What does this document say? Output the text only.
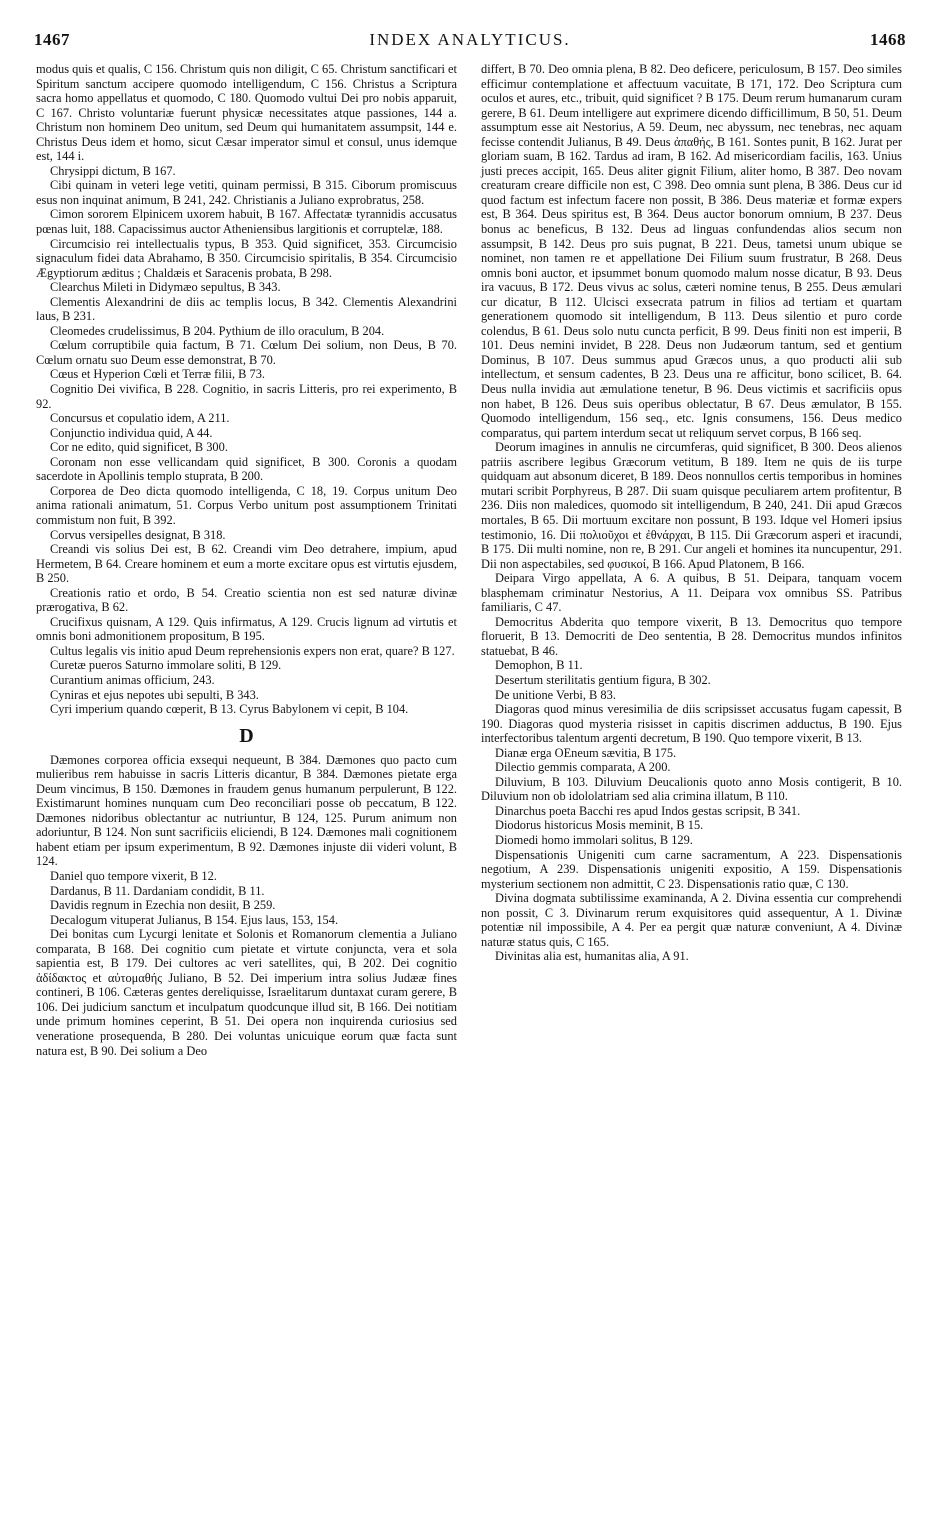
1467	INDEX ANALYTICUS.	1468

modus quis et qualis, C 156. Christum quis non diligit, C 65. Christum sanctificari et Spiritum sanctum accipere quomodo intelligendum, C 156. Christus a Scriptura sacra homo appellatus et quomodo, C 180. Quomodo vultui Dei pro nobis apparuit, C 167. Christo voluntariæ fuerunt physicæ necessitates atque passiones, 144 a. Christum non hominem Deo unitum, sed Deum qui humanitatem assumpsit, 144 e. Christus Deus idem et homo, sicut Cæsar imperator simul et consul, unus idemque est, 144 i.

Chrysippi dictum, B 167.

Cibi quinam in veteri lege vetiti, quinam permissi, B 315. Ciborum promiscuus esus non inquinat animum, B 241, 242. Christianis a Juliano exprobratus, 258.

Cimon sororem Elpinicem uxorem habuit, B 167. Affectatæ tyrannidis accusatus pœnas luit, 188. Capacissimus auctor Atheniensibus largitionis et corruptelæ, 188.

Circumcisio rei intellectualis typus, B 353. Quid significet, 353. Circumcisio signaculum fidei data Abrahamo, B 350. Circumcisio spiritalis, B 354. Circumcisio Ægyptiorum æditus ; Chaldæis et Saracenis probata, B 298.

Clearchus Mileti in Didymæo sepultus, B 343.

Clementis Alexandrini de diis ac templis locus, B 342. Clementis Alexandrini laus, B 231.

Cleomedes crudelissimus, B 204. Pythium de illo oraculum, B 204.

Cœlum corruptibile quia factum, B 71. Cœlum Dei solium, non Deus, B 70. Cœlum ornatu suo Deum esse demonstrat, B 70.

Cœus et Hyperion Cœli et Terræ filii, B 73.

Cognitio Dei vivifica, B 228. Cognitio, in sacris Litteris, pro rei experimento, B 92.

Concursus et copulatio idem, A 211.

Conjunctio individua quid, A 44.

Cor ne edito, quid significet, B 300.

Coronam non esse vellicandam quid significet, B 300. Coronis a quodam sacerdote in Apollinis templo stuprata, B 200.

Corporea de Deo dicta quomodo intelligenda, C 18, 19. Corpus unitum Deo anima rationali animatum, 51. Corpus Verbo unitum post assumptionem Trinitati commistum non fuit, B 392.

Corvus versipelles designat, B 318.

Creandi vis solius Dei est, B 62. Creandi vim Deo detrahere, impium, apud Hermetem, B 64. Creare hominem et eum a morte excitare opus est virtutis ejusdem, B 250.

Creationis ratio et ordo, B 54. Creatio scientia non est sed naturæ divinæ prærogativa, B 62.

Crucifixus quisnam, A 129. Quis infirmatus, A 129. Crucis lignum ad virtutis et omnis boni admonitionem propositum, B 195.

Cultus legalis vis initio apud Deum reprehensionis expers non erat, quare? B 127.

Curetæ pueros Saturno immolare soliti, B 129.

Curantium animas officium, 243.

Cyniras et ejus nepotes ubi sepulti, B 343.

Cyri imperium quando cœperit, B 13. Cyrus Babylonem vi cepit, B 104.

D

Dæmones corporea officia exsequi nequeunt, B 384. Dæmones quo pacto cum mulieribus rem habuisse in sacris Litteris dicantur, B 384. Dæmones pietate erga Deum vincimus, B 150. Dæmones in fraudem genus humanum perpulerunt, B 122. Existimarunt homines nunquam cum Deo reconciliari posse ob peccatum, B 122. Dæmones nidoribus oblectantur ac nutriuntur, B 124, 125. Purum animum non adoriuntur, B 124. Non sunt sacrificiis eliciendi, B 124. Dæmones mali cognitionem habent etiam per ipsum experimentum, B 92. Dæmones injuste dii videri volunt, B 124.

Daniel quo tempore vixerit, B 12.

Dardanus, B 11. Dardaniam condidit, B 11.

Davidis regnum in Ezechia non desiit, B 259.

Decalogum vituperat Julianus, B 154. Ejus laus, 153, 154.

Dei bonitas cum Lycurgi lenitate et Solonis et Romanorum clementia a Juliano comparata, B 168. Dei cognitio cum pietate et virtute conjuncta, vera et sola sapientia est, B 179. Dei cultores ac veri satellites, qui, B 202. Dei cognitio ἀδίδακτος et αὐτομαθής Juliano, B 52. Dei imperium intra solius Judææ fines contineri, B 106. Cæteras gentes dereliquisse, Israelitarum duntaxat curam gerere, B 106. Dei judicium sanctum et inculpatum quodcunque illud sit, B 166. Dei notitiam unde primum homines ceperint, B 51. Dei opera non inquirenda curiosius sed venerationе prosequenda, B 280. Dei voluntas unicuique eorum quæ facta sunt natura est, B 90. Dei solium a Deo

differt, B 70. Deo omnia plena, B 82. Deo deficere, periculosum, B 157. Deo similes efficimur contemplatione et affectuum vacuitate, B 171, 172. Deo Scriptura cum oculos et aures, etc., tribuit, quid significet ? B 175. Deum rerum humanarum curam gerere, B 61. Deum intelligere aut exprimere dicendo difficillimum, B 50, 51. Deum assumptum esse ait Nestorius, A 59. Deum, nec abyssum, nec tenebras, nec aquam fecisse contendit Julianus, B 49. Deus ἀπαθής, B 161. Sontes punit, B 162. Jurat per gloriam suam, B 162. Tardus ad iram, B 162. Ad misericordiam facilis, 163. Unius justi preces accipit, 165. Deus aliter gignit Filium, aliter homo, B 387. Deo novam creaturam creare difficile non est, C 398. Deo omnia sunt plena, B 386. Deus cur id quod factum est infectum facere non possit, B 386. Deus materiæ et formæ expers est, B 364. Deus spiritus est, B 364. Deus auctor bonorum omnium, B 237. Deus bonus ac beneficus, B 132. Deus ad linguas confundendas alios secum non assumpsit, B 142. Deus pro suis pugnat, B 221. Deus, tametsi unum ubique se nominet, non tamen re et appellatione Dei Filium suum frustratur, B 268. Deus omnis boni auctor, et ipsummet bonum quomodo malum nosse dicatur, B 93. Deus ira vacuus, B 172. Deus vivus ac solus, cæteri nomine tenus, B 255. Deus æmulari cur dicatur, B 112. Ulcisci exsecrata patrum in filios ad tertiam et quartam generationem quomodo sit intelligendum, B 113. Deus silentio et puro corde colendus, B 61. Deus solo nutu cuncta perficit, B 99. Deus finiti non est imperii, B 101. Deus nemini invidet, B 228. Deus non Judæorum tantum, sed et gentium Dominus, B 107. Deus summus apud Græcos unus, a quo producti alii sub intellectum, et sensum cadentes, B 23. Deus una re afficitur, bono scilicet, B. 64. Deus nulla invidia aut æmulatione tenetur, B 96. Deus victimis et sacrificiis opus non habet, B 126. Deus suis operibus oblectatur, B 67. Deus æmulator, B 155. Quomodo intelligendum, 156 seq., etc. Ignis consumens, 156. Deus medico comparatus, qui partem interdum secat ut reliquum servet corpus, B 166 seq.

Deorum imagines in annulis ne circumferas, quid significet, B 300. Deos alienos patriis ascribere legibus Græcorum vetitum, B 189. Item ne quis de iis turpe quidquam aut absonum diceret, B 189. Deos nonnullos certis temporibus in homines mutari scribit Porphyreus, B 287. Dii suam quisque peculiarem artem profitentur, B 236. Diis non maledices, quomodo sit intelligendum, B 240, 241. Dii apud Græcos mortales, B 65. Dii mortuum excitare non possunt, B 193. Idque vel Homeri ipsius testimonio, 16. Dii πολιοῦχοι et ἐθνάρχαι, B 115. Dii Græcorum asperi et iracundi, B 175. Dii multi nomine, non re, B 291. Cur angeli et homines ita nuncupentur, 291. Dii non aspectabiles, sed φυσικοί, B 166. Apud Platonem, B 166.

Deipara Virgo appellata, A 6. A quibus, B 51. Deipara, tanquam vocem blasphemam criminatur Nestorius, A 11. Deipara vox omnibus SS. Patribus familiaris, C 47.

Democritus Abderita quo tempore vixerit, B 13. Democritus quo tempore floruerit, B 13. Democriti de Deo sententia, B 28. Democritus mundos infinitos statuebat, B 46.

Demophon, B 11.

Desertum sterilitatis gentium figura, B 302.

De unitione Verbi, B 83.

Diagoras quod minus veresimilia de diis scripsisset accusatus fugam capessit, B 190. Diagoras quod mysteria risisset in capitis discrimen adductus, B 190. Ejus interfectoribus talentum argenti decretum, B 190. Quo tempore vixerit, B 13.

Dianæ erga OEneum sævitia, B 175.

Dilectio gemmis comparata, A 200.

Diluvium, B 103. Diluvium Deucalionis quoto anno Mosis contigerit, B 10. Diluvium non ob idololatriam sed alia crimina illatum, B 110.

Dinarchus poeta Bacchi res apud Indos gestas scripsit, B 341.

Diodorus historicus Mosis meminit, B 15.

Diomedi homo immolari solitus, B 129.

Dispensationis Unigeniti cum carne sacramentum, A 223. Dispensationis negotium, A 239. Dispensationis unigeniti expositio, A 159. Dispensationis mysterium sectionem non admittit, C 23. Dispensationis ratio quæ, C 130.

Divina dogmata subtilissime examinanda, A 2. Divina essentia cur comprehendi non possit, C 3. Divinarum rerum exquisitores quid assequentur, A 1. Divinæ potentiæ nil impossibile, A 4. Per ea pergit quæ naturæ conveniunt, A 4. Divinæ naturæ status quis, C 165.

Divinitas alia est, humanitas alia, A 91.
